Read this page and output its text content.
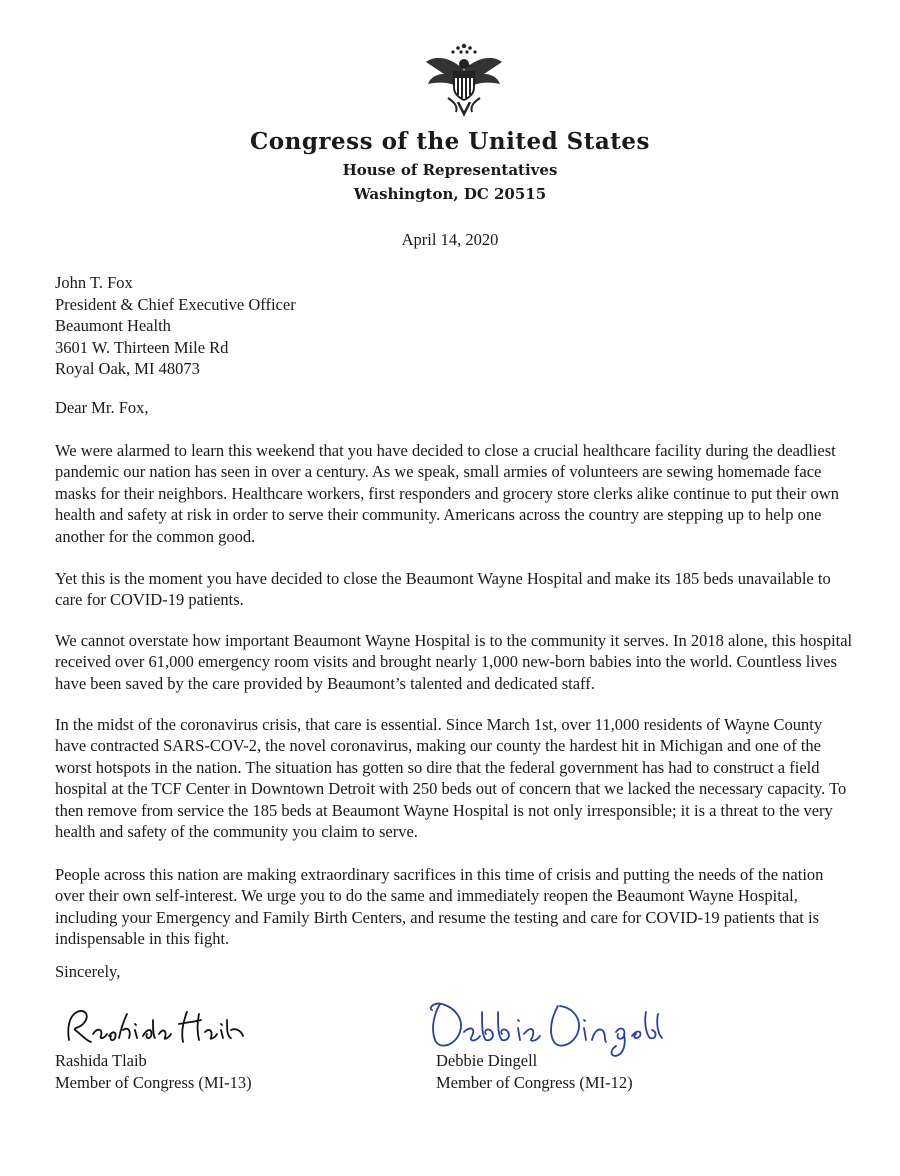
Congress of the United States
House of Representatives
Washington, DC 20515
April 14, 2020
John T. Fox
President & Chief Executive Officer
Beaumont Health
3601 W. Thirteen Mile Rd
Royal Oak, MI 48073
Dear Mr. Fox,
We were alarmed to learn this weekend that you have decided to close a crucial healthcare facility during the deadliest pandemic our nation has seen in over a century. As we speak, small armies of volunteers are sewing homemade face masks for their neighbors. Healthcare workers, first responders and grocery store clerks alike continue to put their own health and safety at risk in order to serve their community. Americans across the country are stepping up to help one another for the common good.
Yet this is the moment you have decided to close the Beaumont Wayne Hospital and make its 185 beds unavailable to care for COVID-19 patients.
We cannot overstate how important Beaumont Wayne Hospital is to the community it serves. In 2018 alone, this hospital received over 61,000 emergency room visits and brought nearly 1,000 new-born babies into the world. Countless lives have been saved by the care provided by Beaumont’s talented and dedicated staff.
In the midst of the coronavirus crisis, that care is essential. Since March 1st, over 11,000 residents of Wayne County have contracted SARS-COV-2, the novel coronavirus, making our county the hardest hit in Michigan and one of the worst hotspots in the nation. The situation has gotten so dire that the federal government has had to construct a field hospital at the TCF Center in Downtown Detroit with 250 beds out of concern that we lacked the necessary capacity. To then remove from service the 185 beds at Beaumont Wayne Hospital is not only irresponsible; it is a threat to the very health and safety of the community you claim to serve.
People across this nation are making extraordinary sacrifices in this time of crisis and putting the needs of the nation over their own self-interest. We urge you to do the same and immediately reopen the Beaumont Wayne Hospital, including your Emergency and Family Birth Centers, and resume the testing and care for COVID-19 patients that is indispensable in this fight.
Sincerely,
Rashida Tlaib
Member of Congress (MI-13)
Debbie Dingell
Member of Congress (MI-12)
